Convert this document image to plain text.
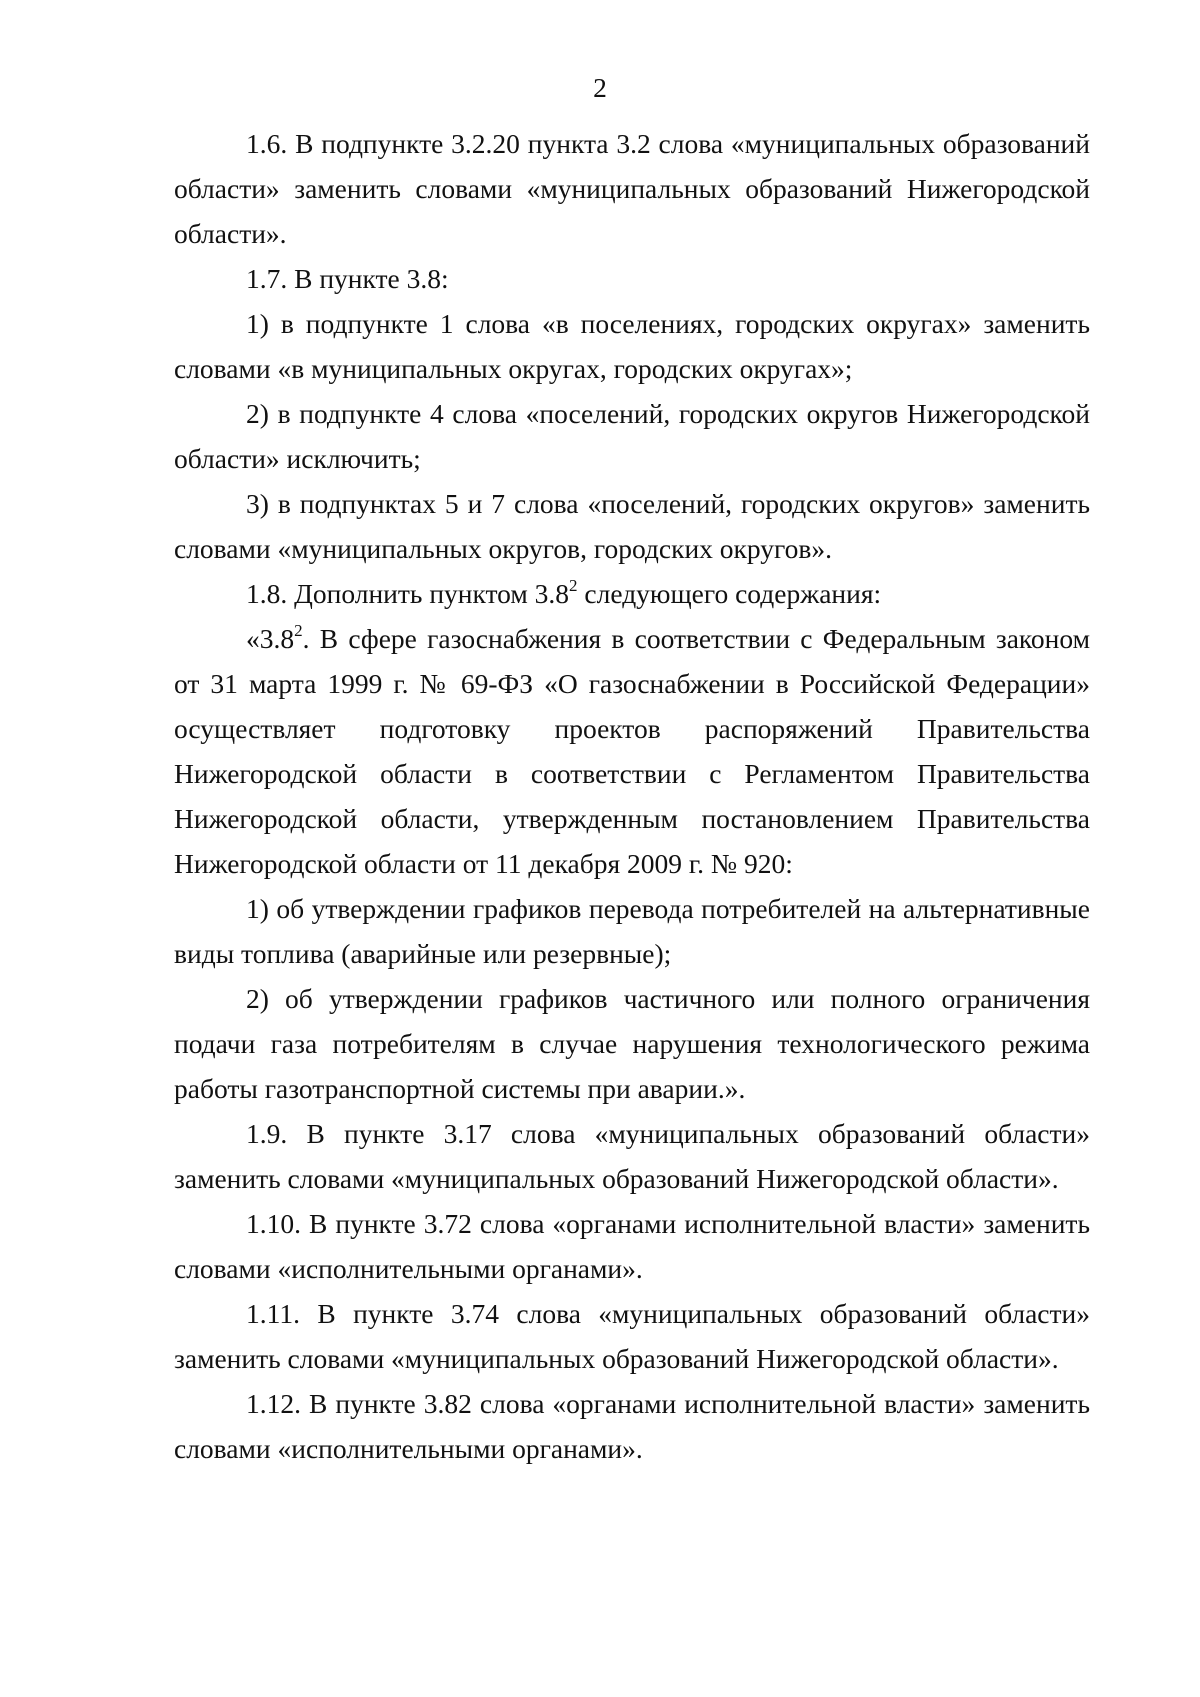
2

1.6. В подпункте 3.2.20 пункта 3.2 слова «муниципальных образований области» заменить словами «муниципальных образований Нижегородской области».

1.7. В пункте 3.8:

1) в подпункте 1 слова «в поселениях, городских округах» заменить словами «в муниципальных округах, городских округах»;

2) в подпункте 4 слова «поселений, городских округов Нижегородской области» исключить;

3) в подпунктах 5 и 7 слова «поселений, городских округов» заменить словами «муниципальных округов, городских округов».

1.8. Дополнить пунктом $3.8^2$ следующего содержания:

«$3.8^2$. В сфере газоснабжения в соответствии с Федеральным законом от 31 марта 1999 г. № 69-ФЗ «О газоснабжении в Российской Федерации» осуществляет подготовку проектов распоряжений Правительства Нижегородской области в соответствии с Регламентом Правительства Нижегородской области, утвержденным постановлением Правительства Нижегородской области от 11 декабря 2009 г. № 920:

1) об утверждении графиков перевода потребителей на альтернативные виды топлива (аварийные или резервные);

2) об утверждении графиков частичного или полного ограничения подачи газа потребителям в случае нарушения технологического режима работы газотранспортной системы при аварии.».

1.9. В пункте 3.17 слова «муниципальных образований области» заменить словами «муниципальных образований Нижегородской области».

1.10. В пункте 3.72 слова «органами исполнительной власти» заменить словами «исполнительными органами».

1.11. В пункте 3.74 слова «муниципальных образований области» заменить словами «муниципальных образований Нижегородской области».

1.12. В пункте 3.82 слова «органами исполнительной власти» заменить словами «исполнительными органами».
